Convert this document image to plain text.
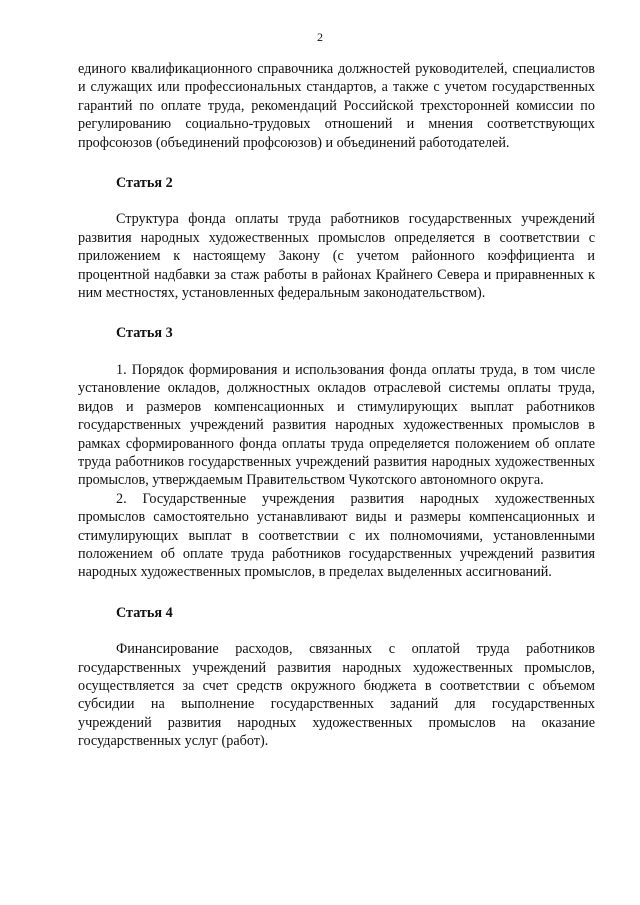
2

единого квалификационного справочника должностей руководителей, специалистов и служащих или профессиональных стандартов, а также с учетом государственных гарантий по оплате труда, рекомендаций Российской трехсторонней комиссии по регулированию социально-трудовых отношений и мнения соответствующих профсоюзов (объединений профсоюзов) и объединений работодателей.

Статья 2

Структура фонда оплаты труда работников государственных учреждений развития народных художественных промыслов определяется в соответствии с приложением к настоящему Закону (с учетом районного коэффициента и процентной надбавки за стаж работы в районах Крайнего Севера и приравненных к ним местностях, установленных федеральным законодательством).

Статья 3

1. Порядок формирования и использования фонда оплаты труда, в том числе установление окладов, должностных окладов отраслевой системы оплаты труда, видов и размеров компенсационных и стимулирующих выплат работников государственных учреждений развития народных художественных промыслов в рамках сформированного фонда оплаты труда определяется положением об оплате труда работников государственных учреждений развития народных художественных промыслов, утверждаемым Правительством Чукотского автономного округа.

2. Государственные учреждения развития народных художественных промыслов самостоятельно устанавливают виды и размеры компенсационных и стимулирующих выплат в соответствии с их полномочиями, установленными положением об оплате труда работников государственных учреждений развития народных художественных промыслов, в пределах выделенных ассигнований.

Статья 4

Финансирование расходов, связанных с оплатой труда работников государственных учреждений развития народных художественных промыслов, осуществляется за счет средств окружного бюджета в соответствии с объемом субсидии на выполнение государственных заданий для государственных учреждений развития народных художественных промыслов на оказание государственных услуг (работ).
